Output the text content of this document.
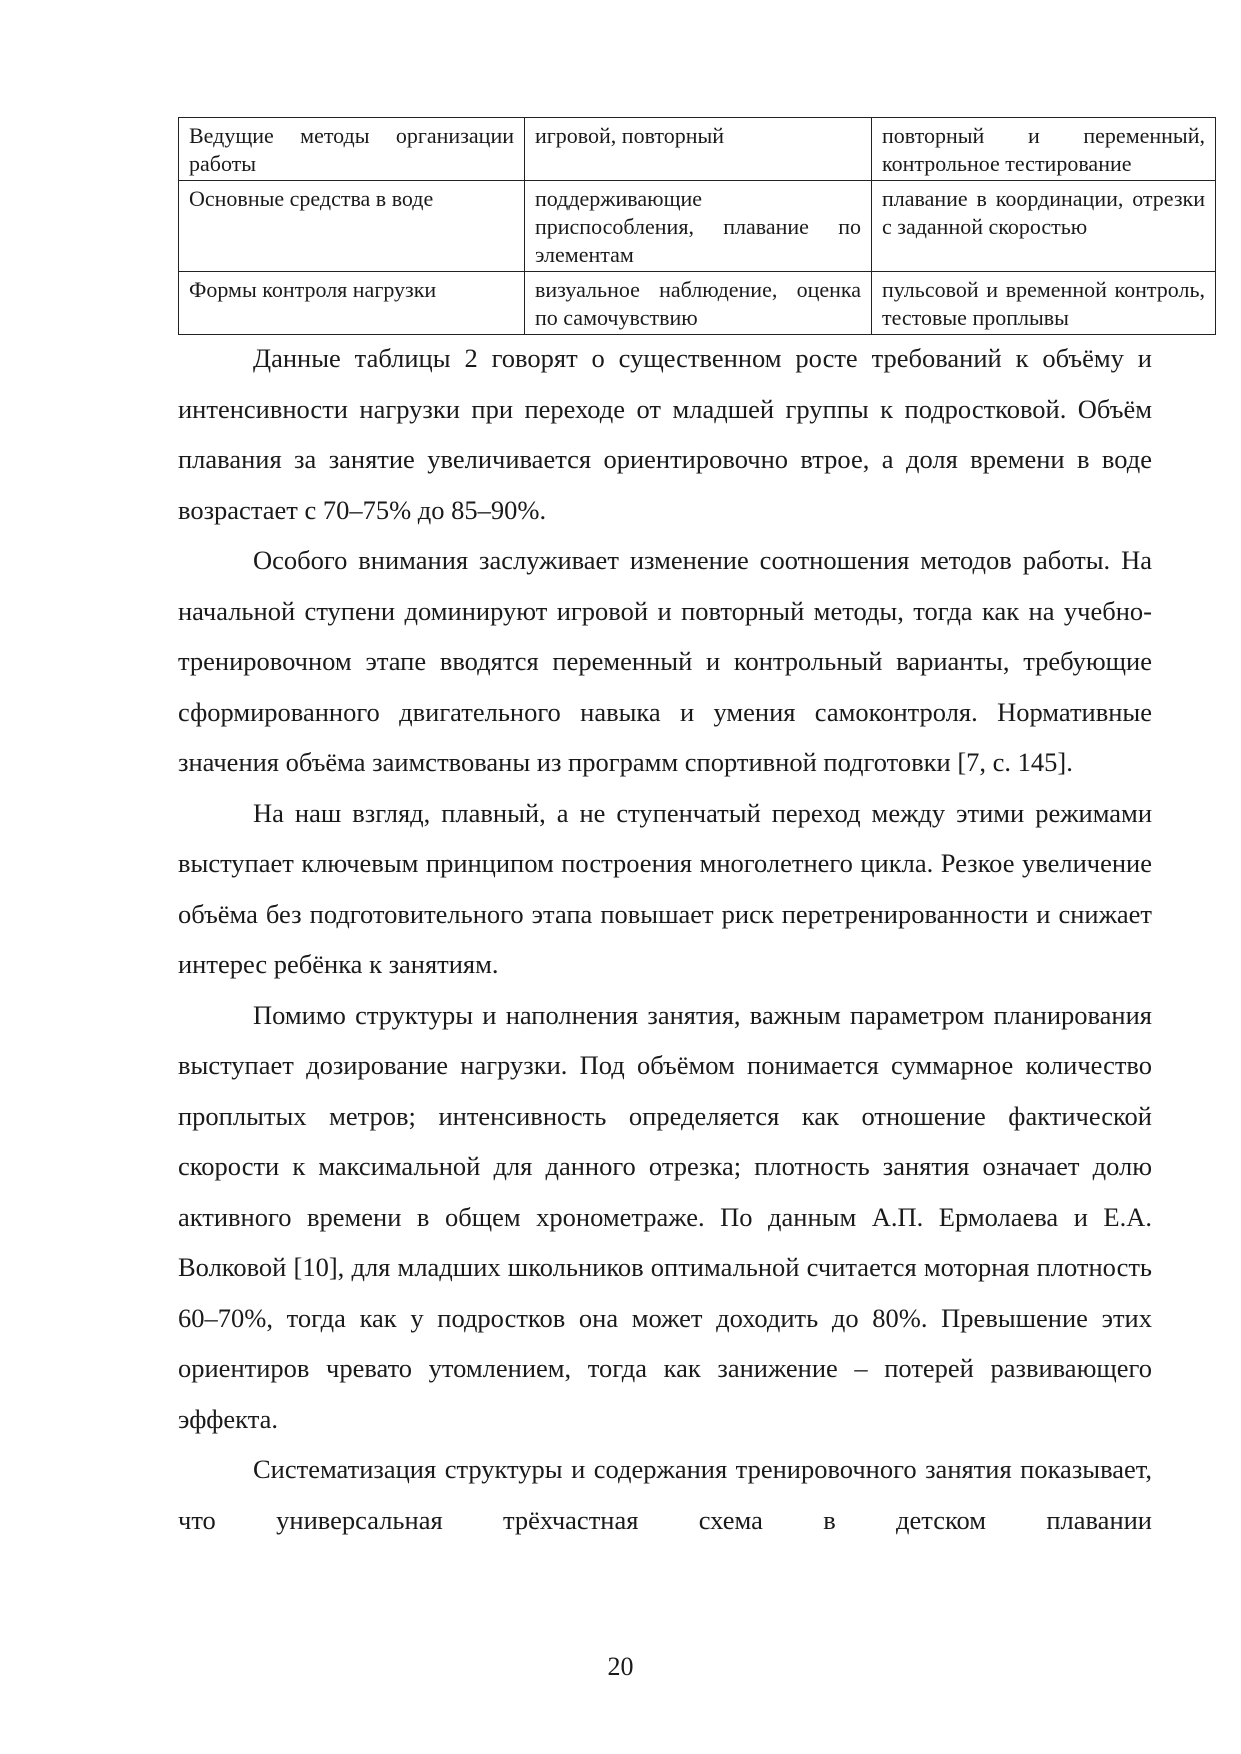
Ведущие методы организации работы	игровой, повторный	повторный и переменный, контрольное тестирование

Основные средства в воде	поддерживающие приспособления, плавание по элементам	плавание в координации, отрезки с заданной скоростью

Формы контроля нагрузки	визуальное наблюдение, оценка по самочувствию	пульсовой и временной контроль, тестовые проплывы

Данные таблицы 2 говорят о существенном росте требований к объёму и интенсивности нагрузки при переходе от младшей группы к подростковой. Объём плавания за занятие увеличивается ориентировочно втрое, а доля времени в воде возрастает с 70–75% до 85–90%.

Особого внимания заслуживает изменение соотношения методов работы. На начальной ступени доминируют игровой и повторный методы, тогда как на учебно-тренировочном этапе вводятся переменный и контрольный варианты, требующие сформированного двигательного навыка и умения самоконтроля. Нормативные значения объёма заимствованы из программ спортивной подготовки [7, с. 145].

На наш взгляд, плавный, а не ступенчатый переход между этими режимами выступает ключевым принципом построения многолетнего цикла. Резкое увеличение объёма без подготовительного этапа повышает риск перетренированности и снижает интерес ребёнка к занятиям.

Помимо структуры и наполнения занятия, важным параметром планирования выступает дозирование нагрузки. Под объёмом понимается суммарное количество проплытых метров; интенсивность определяется как отношение фактической скорости к максимальной для данного отрезка; плотность занятия означает долю активного времени в общем хронометраже. По данным А.П. Ермолаева и Е.А. Волковой [10], для младших школьников оптимальной считается моторная плотность 60–70%, тогда как у подростков она может доходить до 80%. Превышение этих ориентиров чревато утомлением, тогда как занижение – потерей развивающего эффекта.

Систематизация структуры и содержания тренировочного занятия показывает, что универсальная трёхчастная схема в детском плавании

20
